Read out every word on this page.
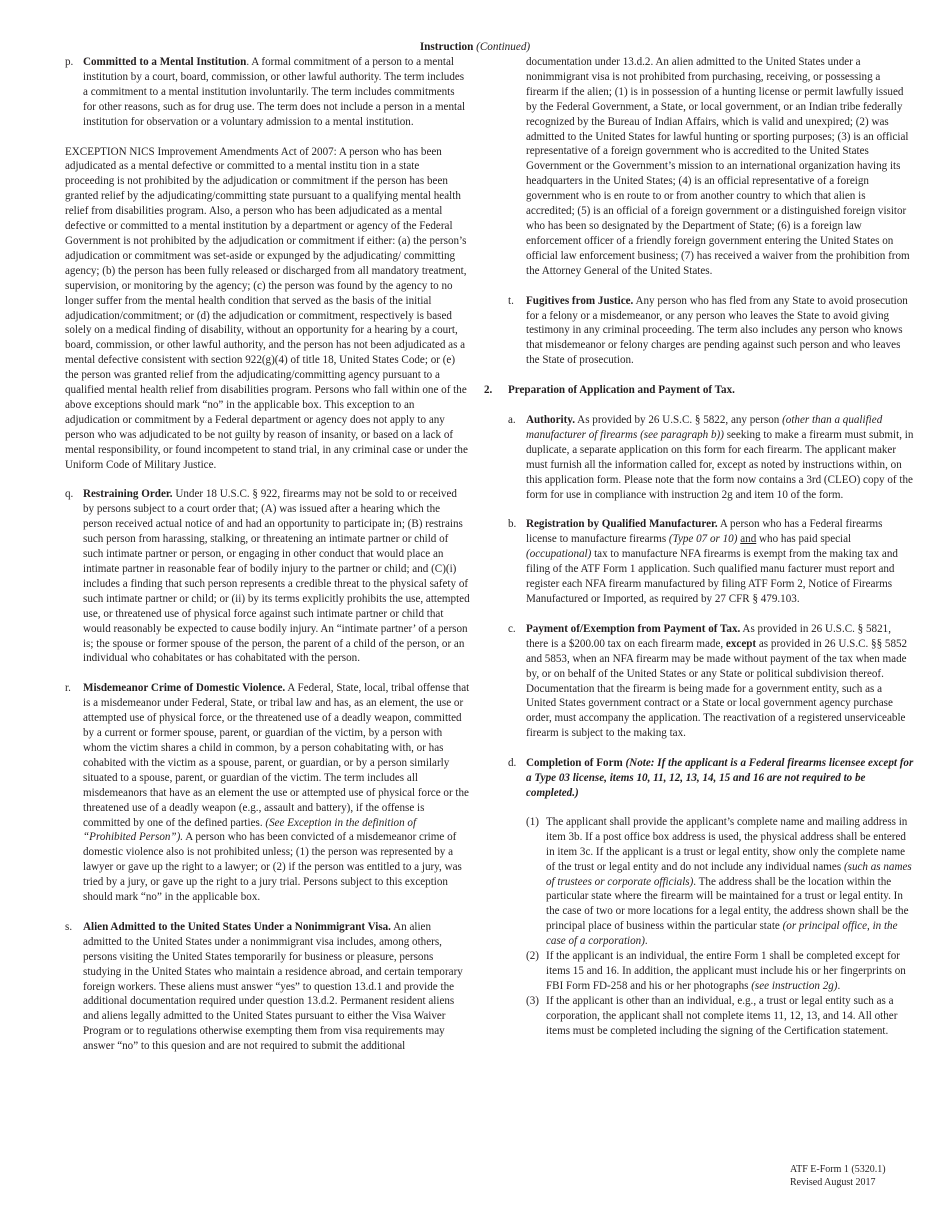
Instruction (Continued)
p. Committed to a Mental Institution. A formal commitment of a person to a mental institution by a court, board, commission, or other lawful authority. The term includes a commitment to a mental institution involuntarily. The term includes commitments for other reasons, such as for drug use. The term does not include a person in a mental institution for observation or a voluntary admission to a mental institution.
EXCEPTION NICS Improvement Amendments Act of 2007: A person who has been adjudicated as a mental defective or committed to a mental institu tion in a state proceeding is not prohibited by the adjudication or commitment if the person has been granted relief by the adjudicating/committing state pursuant to a qualifying mental health relief from disabilities program. Also, a person who has been adjudicated as a mental defective or committed to a mental institution by a department or agency of the Federal Government is not prohibited by the adjudication or commitment if either: (a) the person’s adjudication or commitment was set-aside or expunged by the adjudicating/ committing agency; (b) the person has been fully released or discharged from all mandatory treatment, supervision, or monitoring by the agency; (c) the person was found by the agency to no longer suffer from the mental health condition that served as the basis of the initial adjudication/commitment; or (d) the adjudication or commitment, respectively is based solely on a medical finding of disability, without an opportunity for a hearing by a court, board, commission, or other lawful authority, and the person has not been adjudicated as a mental defective consistent with section 922(g)(4) of title 18, United States Code; or (e) the person was granted relief from the adjudicating/committing agency pursuant to a qualified mental health relief from disabilities program. Persons who fall within one of the above exceptions should mark “no” in the applicable box. This exception to an adjudication or commitment by a Federal department or agency does not apply to any person who was adjudicated to be not guilty by reason of insanity, or based on a lack of mental responsibility, or found incompetent to stand trial, in any criminal case or under the Uniform Code of Military Justice.
q. Restraining Order. Under 18 U.S.C. § 922, firearms may not be sold to or received by persons subject to a court order that; (A) was issued after a hearing which the person received actual notice of and had an opportunity to participate in; (B) restrains such person from harassing, stalking, or threatening an intimate partner or child of such intimate partner or person, or engaging in other conduct that would place an intimate partner in reasonable fear of bodily injury to the partner or child; and (C)(i) includes a finding that such person represents a credible threat to the physical safety of such intimate partner or child; or (ii) by its terms explicitly prohibits the use, attempted use, or threatened use of physical force against such intimate partner or child that would reasonably be expected to cause bodily injury. An “intimate partner’ of a person is; the spouse or former spouse of the person, the parent of a child of the person, or an individual who cohabitates or has cohabitated with the person.
r. Misdemeanor Crime of Domestic Violence. A Federal, State, local, tribal offense that is a misdemeanor under Federal, State, or tribal law and has, as an element, the use or attempted use of physical force, or the threatened use of a deadly weapon, committed by a current or former spouse, parent, or guardian of the victim, by a person with whom the victim shares a child in common, by a person cohabitating with, or has cohabited with the victim as a spouse, parent, or guardian, or by a person similarly situated to a spouse, parent, or guardian of the victim. The term includes all misdemeanors that have as an element the use or attempted use of physical force or the threatened use of a deadly weapon (e.g., assault and battery), if the offense is committed by one of the defined parties. (See Exception in the definition of “Prohibited Person”). A person who has been convicted of a misdemeanor crime of domestic violence also is not prohibited unless; (1) the person was represented by a lawyer or gave up the right to a lawyer; or (2) if the person was entitled to a jury, was tried by a jury, or gave up the right to a jury trial. Persons subject to this exception should mark “no” in the applicable box.
s. Alien Admitted to the United States Under a Nonimmigrant Visa. An alien admitted to the United States under a nonimmigrant visa includes, among others, persons visiting the United States temporarily for business or pleasure, persons studying in the United States who maintain a residence abroad, and certain temporary foreign workers. These aliens must answer “yes” to question 13.d.1 and provide the additional documentation required under question 13.d.2. Permanent resident aliens and aliens legally admitted to the United States pursuant to either the Visa Waiver Program or to regulations otherwise exempting them from visa requirements may answer “no” to this quesion and are not required to submit the additional
documentation under 13.d.2. An alien admitted to the United States under a nonimmigrant visa is not prohibited from purchasing, receiving, or possessing a firearm if the alien; (1) is in possession of a hunting license or permit lawfully issued by the Federal Government, a State, or local government, or an Indian tribe federally recognized by the Bureau of Indian Affairs, which is valid and unexpired; (2) was admitted to the United States for lawful hunting or sporting purposes; (3) is an official representative of a foreign government who is accredited to the United States Government or the Government’s mission to an international organization having its headquarters in the United States; (4) is an official representative of a foreign government who is en route to or from another country to which that alien is accredited; (5) is an official of a foreign government or a distinguished foreign visitor who has been so designated by the Department of State; (6) is a foreign law enforcement officer of a friendly foreign government entering the United States on official law enforcement business; (7) has received a waiver from the prohibition from the Attorney General of the United States.
t. Fugitives from Justice. Any person who has fled from any State to avoid prosecution for a felony or a misdemeanor, or any person who leaves the State to avoid giving testimony in any criminal proceeding. The term also includes any person who knows that misdemeanor or felony charges are pending against such person and who leaves the State of prosecution.
2. Preparation of Application and Payment of Tax.
a. Authority. As provided by 26 U.S.C. § 5822, any person (other than a qualified manufacturer of firearms (see paragraph b)) seeking to make a firearm must submit, in duplicate, a separate application on this form for each firearm. The applicant maker must furnish all the information called for, except as noted by instructions within, on this application form. Please note that the form now contains a 3rd (CLEO) copy of the form for use in compliance with instruction 2g and item 10 of the form.
b. Registration by Qualified Manufacturer. A person who has a Federal firearms license to manufacture firearms (Type 07 or 10) and who has paid special (occupational) tax to manufacture NFA firearms is exempt from the making tax and filing of the ATF Form 1 application. Such qualified manu facturer must report and register each NFA firearm manufactured by filing ATF Form 2, Notice of Firearms Manufactured or Imported, as required by 27 CFR § 479.103.
c. Payment of/Exemption from Payment of Tax. As provided in 26 U.S.C. § 5821, there is a $200.00 tax on each firearm made, except as provided in 26 U.S.C. §§ 5852 and 5853, when an NFA firearm may be made without payment of the tax when made by, or on behalf of the United States or any State or political subdivision thereof. Documentation that the firearm is being made for a government entity, such as a United States government contract or a State or local government agency purchase order, must accompany the application. The reactivation of a registered unserviceable firearm is subject to the making tax.
d. Completion of Form (Note: If the applicant is a Federal firearms licensee except for a Type 03 license, items 10, 11, 12, 13, 14, 15 and 16 are not required to be completed.)
(1) The applicant shall provide the applicant’s complete name and mailing address in item 3b. If a post office box address is used, the physical address shall be entered in item 3c. If the applicant is a trust or legal entity, show only the complete name of the trust or legal entity and do not include any individual names (such as names of trustees or corporate officials). The address shall be the location within the particular state where the firearm will be maintained for a trust or legal entity. In the case of two or more locations for a legal entity, the address shown shall be the principal place of business within the particular state (or principal office, in the case of a corporation).
(2) If the applicant is an individual, the entire Form 1 shall be completed except for items 15 and 16. In addition, the applicant must include his or her fingerprints on FBI Form FD-258 and his or her photographs (see instruction 2g).
(3) If the applicant is other than an individual, e.g., a trust or legal entity such as a corporation, the applicant shall not complete items 11, 12, 13, and 14. All other items must be completed including the signing of the Certification statement.
ATF E-Form 1 (5320.1)
Revised August 2017
